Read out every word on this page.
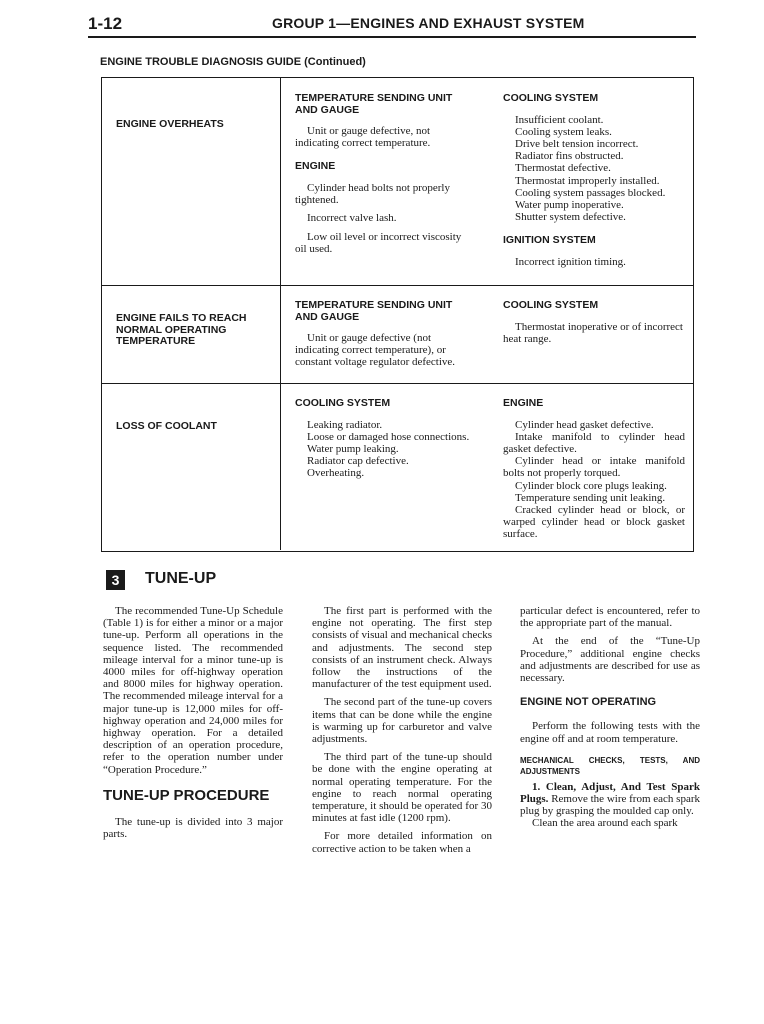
1-12	GROUP 1—ENGINES AND EXHAUST SYSTEM
ENGINE TROUBLE DIAGNOSIS GUIDE (Continued)
ENGINE OVERHEATS
TEMPERATURE SENDING UNIT AND GAUGE

Unit or gauge defective, not indicating correct temperature.

ENGINE

Cylinder head bolts not properly tightened.

Incorrect valve lash.

Low oil level or incorrect viscosity oil used.

COOLING SYSTEM

Insufficient coolant.

Cooling system leaks.

Drive belt tension incorrect.

Radiator fins obstructed.

Thermostat defective.

Thermostat improperly installed.

Cooling system passages blocked.

Water pump inoperative.

Shutter system defective.

IGNITION SYSTEM

Incorrect ignition timing.

ENGINE FAILS TO REACH NORMAL OPERATING TEMPERATURE
TEMPERATURE SENDING UNIT AND GAUGE

Unit or gauge defective (not indicating correct temperature), or constant voltage regulator defective.

COOLING SYSTEM

Thermostat inoperative or of incorrect heat range.

LOSS OF COOLANT
COOLING SYSTEM

Leaking radiator.

Loose or damaged hose connections.

Water pump leaking.

Radiator cap defective.

Overheating.

ENGINE

Cylinder head gasket defective.

Intake manifold to cylinder head gasket defective.

Cylinder head or intake manifold bolts not properly torqued.

Cylinder block core plugs leaking.

Temperature sending unit leaking.

Cracked cylinder head or block, or warped cylinder head or block gasket surface.

3	TUNE-UP

The recommended Tune-Up Schedule (Table 1) is for either a minor or a major tune-up. Perform all operations in the sequence listed. The recommended mileage interval for a minor tune-up is 4000 miles for off-highway operation and 8000 miles for highway operation. The recommended mileage interval for a major tune-up is 12,000 miles for off-highway operation and 24,000 miles for highway operation. For a detailed description of an operation procedure, refer to the operation number under “Operation Procedure.”

TUNE-UP PROCEDURE

The tune-up is divided into 3 major parts.

The first part is performed with the engine not operating. The first step consists of visual and mechanical checks and adjustments. The second step consists of an instrument check. Always follow the instructions of the manufacturer of the test equipment used.

The second part of the tune-up covers items that can be done while the engine is warming up for carburetor and valve adjustments.

The third part of the tune-up should be done with the engine operating at normal operating temperature. For the engine to reach normal operating temperature, it should be operated for 30 minutes at fast idle (1200 rpm).

For more detailed information on corrective action to be taken when a

particular defect is encountered, refer to the appropriate part of the manual.

At the end of the “Tune-Up Procedure,” additional engine checks and adjustments are described for use as necessary.

ENGINE NOT OPERATING

Perform the following tests with the engine off and at room temperature.

MECHANICAL CHECKS, TESTS, AND ADJUSTMENTS

1. Clean, Adjust, And Test Spark Plugs. Remove the wire from each spark plug by grasping the moulded cap only.

Clean the area around each spark
